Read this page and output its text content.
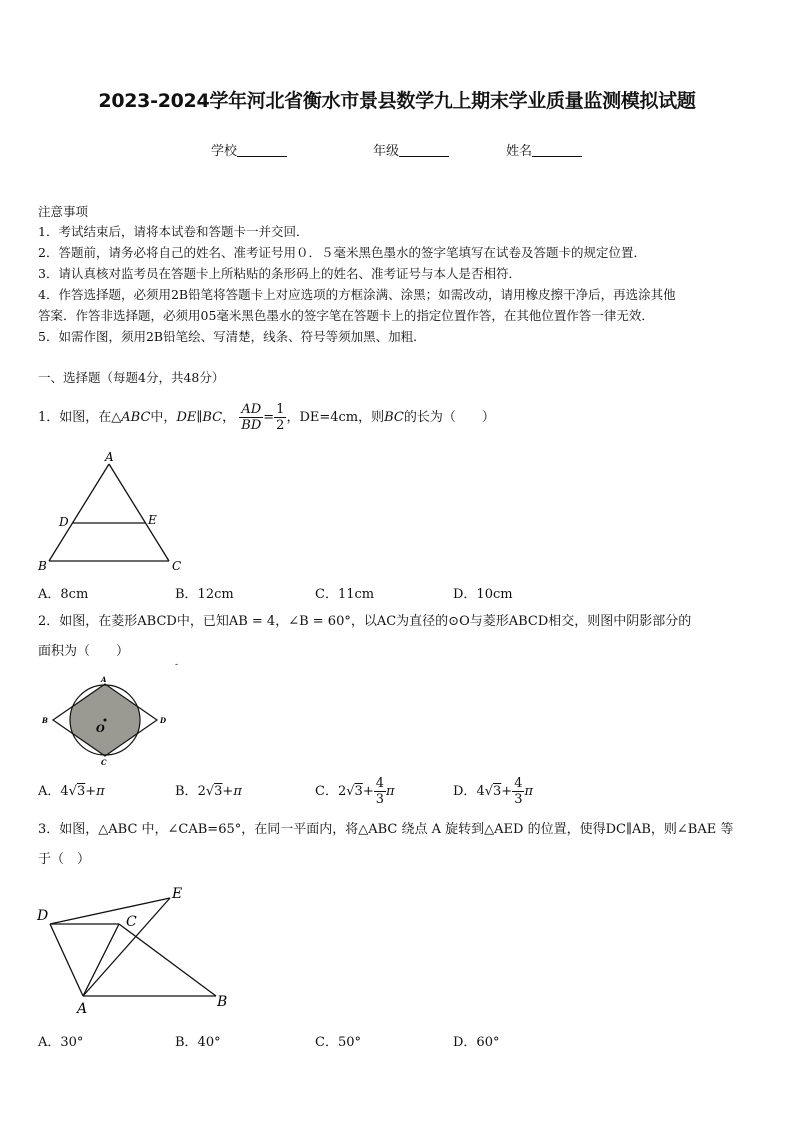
2023-2024学年河北省衡水市景县数学九上期末学业质量监测模拟试题
学校	年级	姓名
注意事项
1．考试结束后，请将本试卷和答题卡一并交回．
2．答题前，请务必将自己的姓名、准考证号用０．５毫米黑色墨水的签字笔填写在试卷及答题卡的规定位置．
3．请认真核对监考员在答题卡上所粘贴的条形码上的姓名、准考证号与本人是否相符．
4．作答选择题，必须用2B铅笔将答题卡上对应选项的方框涂满、涂黑；如需改动，请用橡皮擦干净后，再选涂其他
答案．作答非选择题，必须用05毫米黑色墨水的签字笔在答题卡上的指定位置作答，在其他位置作答一律无效．
5．如需作图，须用2B铅笔绘、写清楚，线条、符号等须加黑、加粗．
一、选择题（每题4分，共48分）
1．如图，在△ABC中，DE∥BC， $\frac{AD}{BD} = \frac{1}{2}$ ，DE=4cm，则BC的长为（　　）
A
D	E
B	C
A．8cm	B．12cm	C．11cm	D．10cm
2．如图，在菱形ABCD中，已知AB = 4，∠B = 60°，以AC为直径的⊙O与菱形ABCD相交，则图中阴影部分的
面积为（　　）
-
A
B
C
D
O
A．4√3+π	B．2√3+π	C．$2√3+ \frac{4}{3}$ π	D．$4√3+ \frac{4}{3}$ π
3．如图，△ABC 中，∠CAB=65°，在同一平面内，将△ABC 绕点 A 旋转到△AED 的位置，使得DC∥AB，则∠BAE 等
于（　）
D	C
E
A	B
A．30°	B．40°	C．50°	D．60°
